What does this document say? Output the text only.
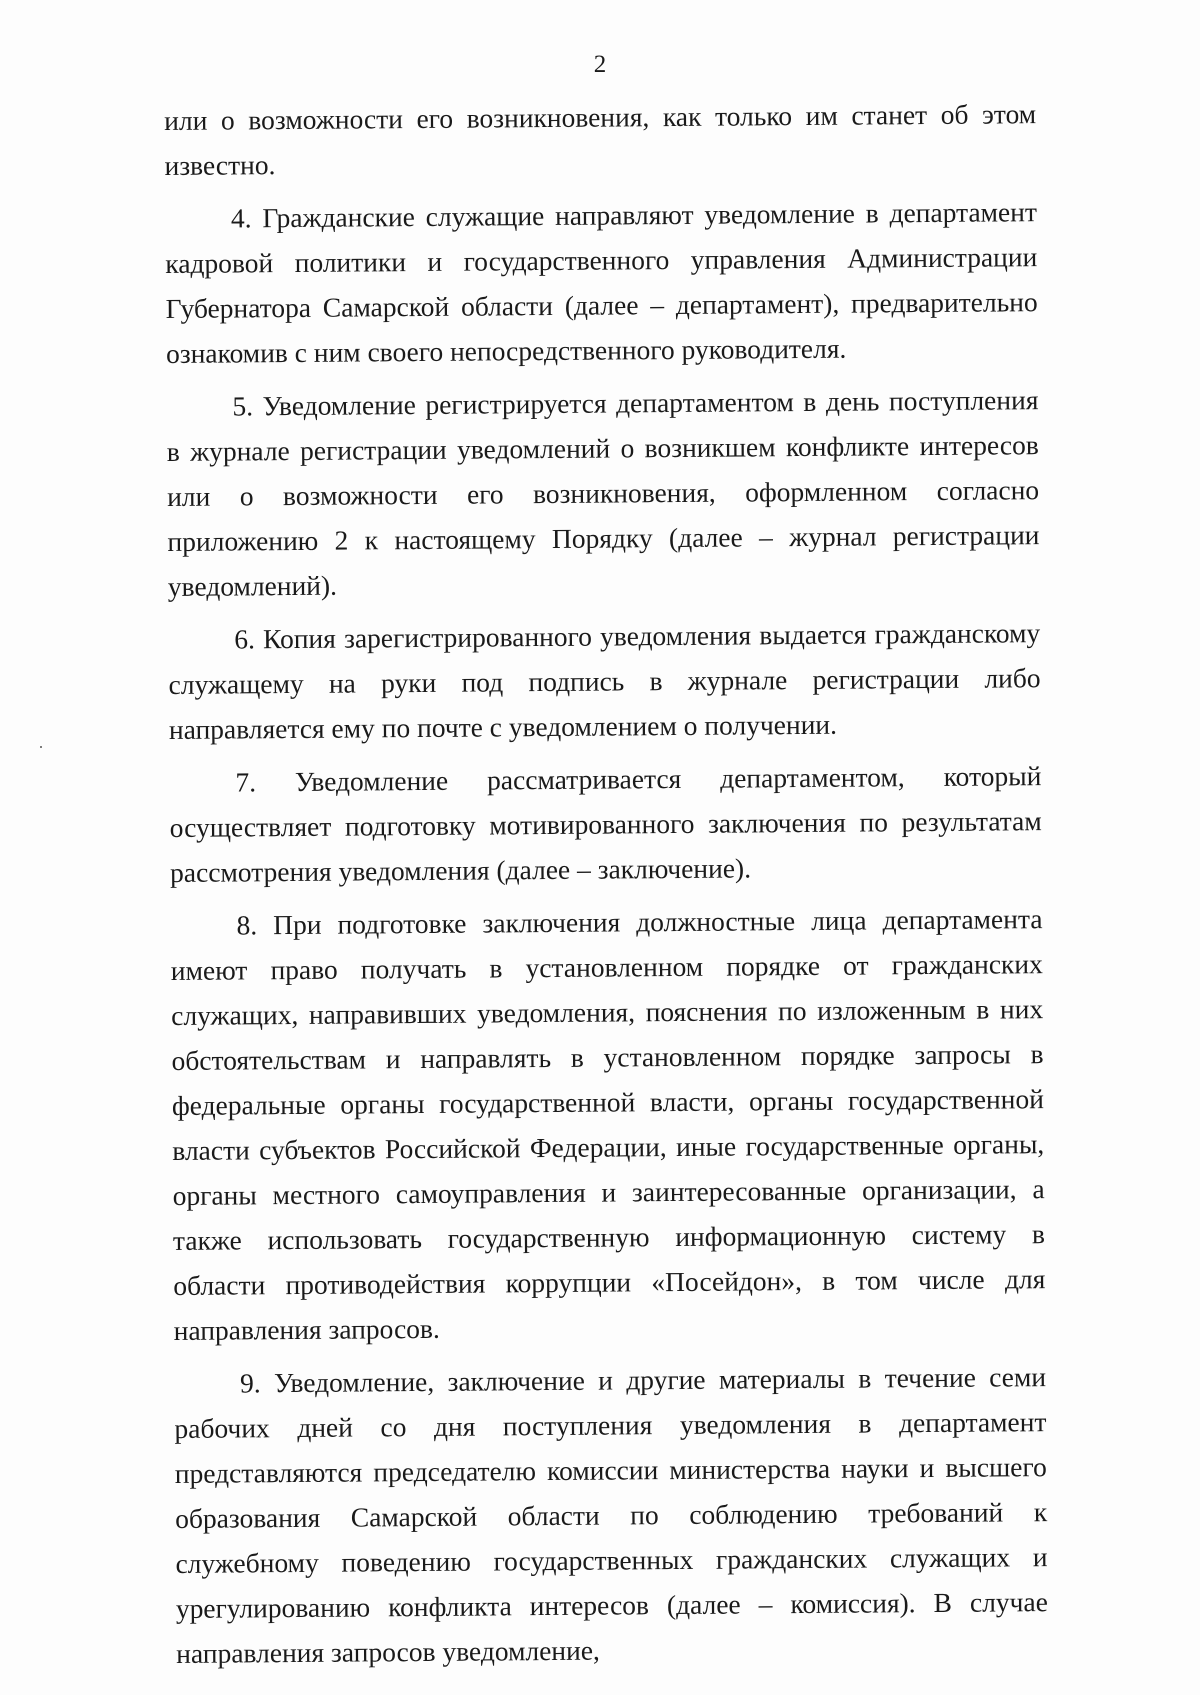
2

или о возможности его возникновения, как только им станет об этом известно.

4. Гражданские служащие направляют уведомление в департамент кадровой политики и государственного управления Администрации Губернатора Самарской области (далее – департамент), предварительно ознакомив с ним своего непосредственного руководителя.

5. Уведомление регистрируется департаментом в день поступления в журнале регистрации уведомлений о возникшем конфликте интересов или о возможности его возникновения, оформленном согласно приложению 2 к настоящему Порядку (далее – журнал регистрации уведомлений).

6. Копия зарегистрированного уведомления выдается гражданскому служащему на руки под подпись в журнале регистрации либо направляется ему по почте с уведомлением о получении.

7. Уведомление рассматривается департаментом, который осуществляет подготовку мотивированного заключения по результатам рассмотрения уведомления (далее – заключение).

8. При подготовке заключения должностные лица департамента имеют право получать в установленном порядке от гражданских служащих, направивших уведомления, пояснения по изложенным в них обстоятельствам и направлять в установленном порядке запросы в федеральные органы государственной власти, органы государственной власти субъектов Российской Федерации, иные государственные органы, органы местного самоуправления и заинтересованные организации, а также использовать государственную информационную систему в области противодействия коррупции «Посейдон», в том числе для направления запросов.

9. Уведомление, заключение и другие материалы в течение семи рабочих дней со дня поступления уведомления в департамент представляются председателю комиссии министерства науки и высшего образования Самарской области по соблюдению требований к служебному поведению государственных гражданских служащих и урегулированию конфликта интересов (далее – комиссия). В случае направления запросов уведомление,
